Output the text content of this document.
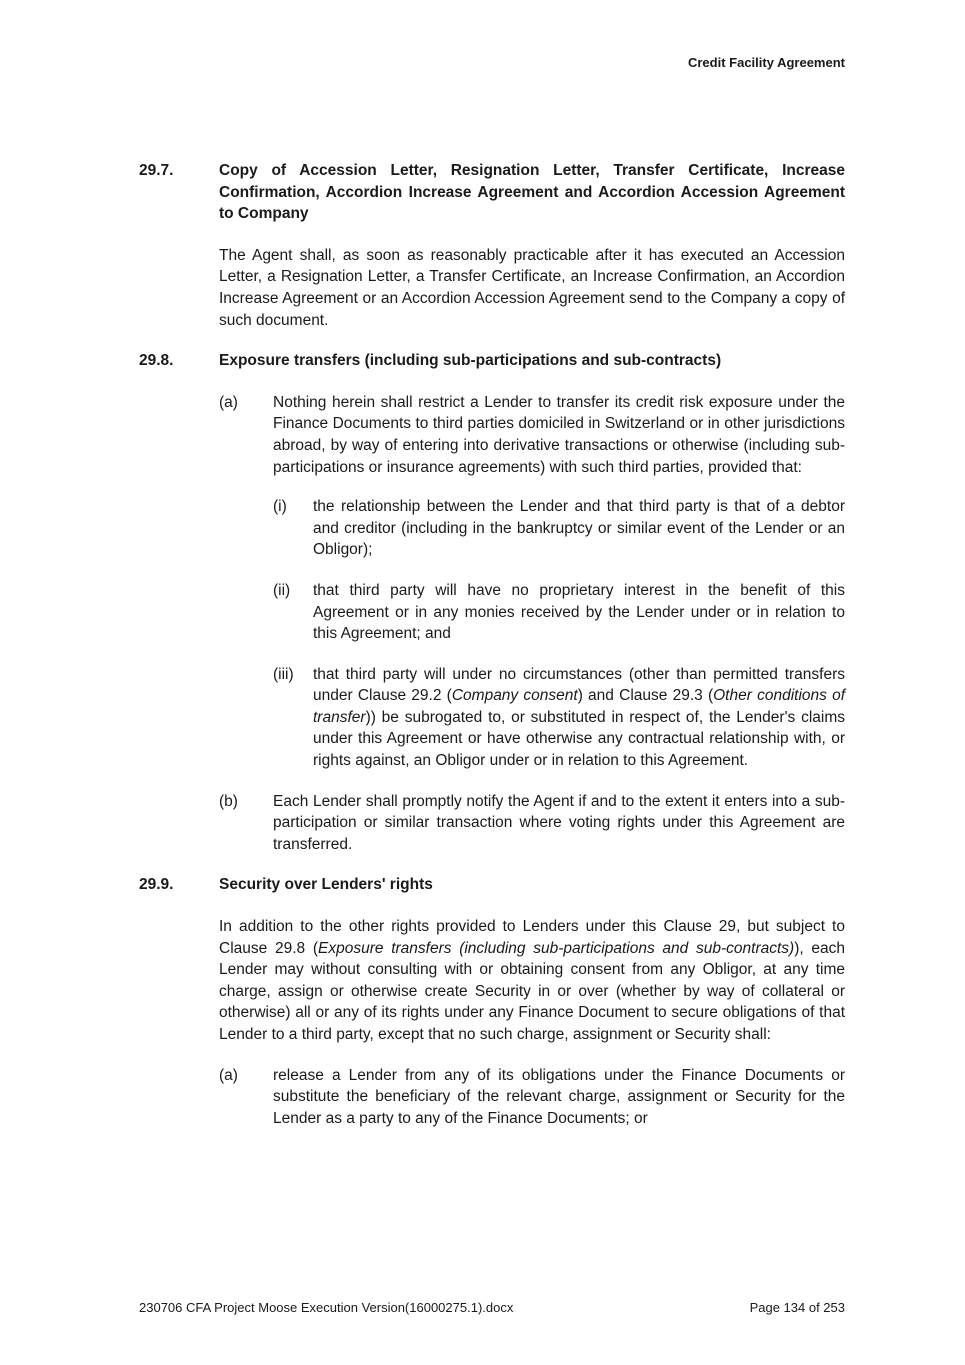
Credit Facility Agreement
29.7.	Copy of Accession Letter, Resignation Letter, Transfer Certificate, Increase Confirmation, Accordion Increase Agreement and Accordion Accession Agreement to Company

The Agent shall, as soon as reasonably practicable after it has executed an Accession Letter, a Resignation Letter, a Transfer Certificate, an Increase Confirmation, an Accordion Increase Agreement or an Accordion Accession Agreement send to the Company a copy of such document.

29.8.	Exposure transfers (including sub-participations and sub-contracts)
(a)	Nothing herein shall restrict a Lender to transfer its credit risk exposure under the Finance Documents to third parties domiciled in Switzerland or in other jurisdictions abroad, by way of entering into derivative transactions or otherwise (including sub-participations or insurance agreements) with such third parties, provided that:

(i)	the relationship between the Lender and that third party is that of a debtor and creditor (including in the bankruptcy or similar event of the Lender or an Obligor);

(ii)	that third party will have no proprietary interest in the benefit of this Agreement or in any monies received by the Lender under or in relation to this Agreement; and

(iii)	that third party will under no circumstances (other than permitted transfers under Clause 29.2 (Company consent) and Clause 29.3 (Other conditions of transfer)) be subrogated to, or substituted in respect of, the Lender's claims under this Agreement or have otherwise any contractual relationship with, or rights against, an Obligor under or in relation to this Agreement.

(b)	Each Lender shall promptly notify the Agent if and to the extent it enters into a sub-participation or similar transaction where voting rights under this Agreement are transferred.

29.9.	Security over Lenders' rights

In addition to the other rights provided to Lenders under this Clause 29, but subject to Clause 29.8 (Exposure transfers (including sub-participations and sub-contracts)), each Lender may without consulting with or obtaining consent from any Obligor, at any time charge, assign or otherwise create Security in or over (whether by way of collateral or otherwise) all or any of its rights under any Finance Document to secure obligations of that Lender to a third party, except that no such charge, assignment or Security shall:

(a)	release a Lender from any of its obligations under the Finance Documents or substitute the beneficiary of the relevant charge, assignment or Security for the Lender as a party to any of the Finance Documents; or

230706 CFA Project Moose Execution Version(16000275.1).docx	Page 134 of 253
